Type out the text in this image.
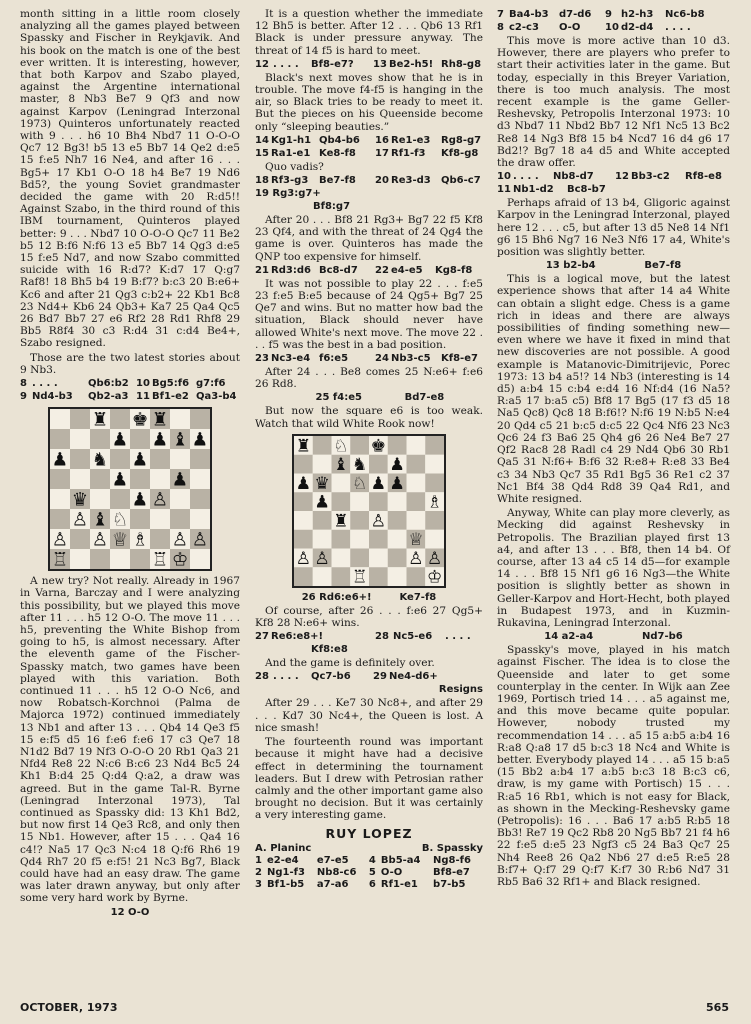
month sitting in a little room closely analyzing all the games played between Spassky and Fischer in Reykjavik. And his book on the match is one of the best ever written. It is interesting, however, that both Karpov and Szabo played, against the Argentine international master, 8 Nb3 Be7 9 Qf3 and now against Karpov (Leningrad Interzonal 1973) Quinteros unfortunately reacted with 9 . . . h6 10 Bh4 Nbd7 11 O-O-O Qc7 12 Bg3! b5 13 e5 Bb7 14 Qe2 d:e5 15 f:e5 Nh7 16 Ne4, and after 16 . . . Bg5+ 17 Kb1 O-O 18 h4 Be7 19 Nd6 Bd5?, the young Soviet grandmaster decided the game with 20 R:d5!! Against Szabo, in the third round of this IBM tournament, Quinteros played better: 9 . . . Nbd7 10 O-O-O Qc7 11 Be2 b5 12 B:f6 N:f6 13 e5 Bb7 14 Qg3 d:e5 15 f:e5 Nd7, and now Szabo committed suicide with 16 R:d7? K:d7 17 Q:g7 Raf8! 18 Bh5 b4 19 B:f7? b:c3 20 B:e6+ Kc6 and after 21 Qg3 c:b2+ 22 Kb1 Bc8 23 Nd4+ Kb6 24 Qb3+ Ka7 25 Qa4 Qc5 26 Bd7 Bb7 27 e6 Rf2 28 Rd1 Rhf8 29 Bb5 R8f4 30 c3 R:d4 31 c:d4 Be4+, Szabo resigned.

Those are the two latest stories about 9 Nb3.

8 . . . .	Qb6:b2 10 Bg5:f6 g7:f6
9 Nd4-b3 Qb2-a3 11 Bf1-e2 Qa3-b4
♜ ♜
♚
♟ ♟ ♟
♟ ♞ ♟
♟ ♟
♛ ♟
♝
♝
♙
♙
♙ ♙	♙ ♙
♘
♗
♔
♕
♖	♖

A new try? Not really. Already in 1967 in Varna, Barczay and I were analyzing this possibility, but we played this move after 11 . . . h5 12 O-O. The move 11 . . . h5, preventing the White Bishop from going to h5, is almost necessary. After the eleventh game of the Fischer-Spassky match, two games have been played with this variation. Both continued 11 . . . h5 12 O-O Nc6, and now Robatsch-Korchnoi (Palma de Majorca 1972) continued immediately 13 Nb1 and after 13 . . . Qb4 14 Qe3 f5 15 e:f5 d5 16 f:e6 f:e6 17 c3 Qe7 18 N1d2 Bd7 19 Nf3 O-O-O 20 Rb1 Qa3 21 Nfd4 Re8 22 N:c6 B:c6 23 Nd4 Bc5 24 Kh1 B:d4 25 Q:d4 Q:a2, a draw was agreed. But in the game Tal-R. Byrne (Leningrad Interzonal 1973), Tal continued as Spassky did: 13 Kh1 Bd2, but now first 14 Qe3 Rc8, and only then 15 Nb1. However, after 15 . . . Qa4 16 c4!? Na5 17 Qc3 N:c4 18 Q:f6 Rh6 19 Qd4 Rh7 20 f5 e:f5! 21 Nc3 Bg7, Black could have had an easy draw. The game was later drawn anyway, but only after some very hard work by Byrne.

12 O-O

It is a question whether the immediate 12 Bh5 is better. After 12 . . . Qb6 13 Rf1 Black is under pressure anyway. The threat of 14 f5 is hard to meet.

12 . . . . Bf8-e7? 13 Be2-h5! Rh8-g8

Black's next moves show that he is in trouble. The move f4-f5 is hanging in the air, so Black tries to be ready to meet it. But the pieces on his Queenside become only “sleeping beauties.”

14 Kg1-h1 Qb4-b6 16 Re1-e3 Rg8-g7
15 Ra1-e1 Ke8-f8 17 Rf1-f3 Kf8-g8

Quo vadis?

18 Rf3-g3 Be7-f8 20 Re3-d3 Qb6-c7
19 Rg3:g7+
Bf8:g7

After 20 . . . Bf8 21 Rg3+ Bg7 22 f5 Kf8 23 Qf4, and with the threat of 24 Qg4 the game is over. Quinteros has made the QNP too expensive for himself.

21 Rd3:d6 Bc8-d7 22 e4-e5 Kg8-f8

It was not possible to play 22 . . . f:e5 23 f:e5 B:e5 because of 24 Qg5+ Bg7 25 Qe7 and wins. But no matter how bad the situation, Black should never have allowed White's next move. The move 22 . . . f5 was the best in a bad position.

23 Nc3-e4 f6:e5	24 Nb3-c5 Kf8-e7

After 24 . . . Be8 comes 25 N:e6+ f:e6 26 Rd8.

25 f4:e5	Bd7-e8

But now the square e6 is too weak. Watch that wild White Rook now!

♜	♚
♞
♛
♝
♟	♟ ♟
♟
♟
♜
♘
♘
♙
♗
♙ ♙
♕
♙ ♙
♔
♖
26 Rd6:e6+!	Ke7-f8

Of course, after 26 . . . f:e6 27 Qg5+ Kf8 28 N:e6+ wins.

27 Re6:e8+!	28 Nc5-e6 . . . .
Kf8:e8

And the game is definitely over.

28 . . . . Qc7-b6 29 Ne4-d6+
Resigns

After 29 . . . Ke7 30 Nc8+, and after 29 . . . Kd7 30 Nc4+, the Queen is lost. A nice smash!

The fourteenth round was important because it might have had a decisive effect in determining the tournament leaders. But I drew with Petrosian rather calmly and the other important game also brought no decision. But it was certainly a very interesting game.

RUY LOPEZ
A. Planinc	B. Spassky
1	e2-e4	e7-e5	4	Bb5-a4	Ng8-f6
2	Ng1-f3	Nb8-c6	5	O-O	Bf8-e7
3	Bf1-b5	a7-a6	6	Rf1-e1	b7-b5
7 Ba4-b3 d7-d6 9 h2-h3 Nc6-b8
8 c2-c3 O-O 10 d2-d4 . . . .

This move is more active than 10 d3. However, there are players who prefer to start their activities later in the game. But today, especially in this Breyer Variation, there is too much analysis. The most recent example is the game Geller-Reshevsky, Petropolis Interzonal 1973: 10 d3 Nbd7 11 Nbd2 Bb7 12 Nf1 Nc5 13 Bc2 Re8 14 Ng3 Bf8 15 b4 Ncd7 16 d4 g6 17 Bd2!? Bg7 18 a4 d5 and White accepted the draw offer.

10 . . . . Nb8-d7 12 Bb3-c2 Rf8-e8
11 Nb1-d2 Bc8-b7

Perhaps afraid of 13 b4, Gligoric against Karpov in the Leningrad Interzonal, played here 12 . . . c5, but after 13 d5 Ne8 14 Nf1 g6 15 Bh6 Ng7 16 Ne3 Nf6 17 a4, White's position was slightly better.

13 b2-b4	Be7-f8

This is a logical move, but the latest experience shows that after 14 a4 White can obtain a slight edge. Chess is a game rich in ideas and there are always possibilities of finding something new—even where we have it fixed in mind that new discoveries are not possible. A good example is Matanovic-Dimitrijevic, Porec 1973: 13 b4 a5!? 14 Nb3 (interesting is 14 d5) a:b4 15 c:b4 e:d4 16 Nf:d4 (16 Na5? R:a5 17 b:a5 c5) Bf8 17 Bg5 (17 f3 d5 18 Na5 Qc8) Qc8 18 B:f6!? N:f6 19 N:b5 N:e4 20 Qd4 c5 21 b:c5 d:c5 22 Qc4 Nf6 23 Nc3 Qc6 24 f3 Ba6 25 Qh4 g6 26 Ne4 Be7 27 Qf2 Rac8 28 Radl c4 29 Nd4 Qb6 30 Rb1 Qa5 31 N:f6+ B:f6 32 R:e8+ R:e8 33 Be4 c3 34 Nb3 Qc7 35 Rd1 Bg5 36 Re1 c2 37 Nc1 Bf4 38 Qd4 Rd8 39 Qa4 Rd1, and White resigned.

Anyway, White can play more cleverly, as Mecking did against Reshevsky in Petropolis. The Brazilian played first 13 a4, and after 13 . . . Bf8, then 14 b4. Of course, after 13 a4 c5 14 d5—for example 14 . . . Bf8 15 Nf1 g6 16 Ng3—the White position is slightly better as shown in Geller-Karpov and Hort-Hecht, both played in Budapest 1973, and in Kuzmin-Rukavina, Leningrad Interzonal.

14 a2-a4	Nd7-b6

Spassky's move, played in his match against Fischer. The idea is to close the Queenside and later to get some counterplay in the center. In Wijk aan Zee 1969, Portisch tried 14 . . . a5 against me, and this move became quite popular. However, nobody trusted my recommendation 14 . . . a5 15 a:b5 a:b4 16 R:a8 Q:a8 17 d5 b:c3 18 Nc4 and White is better. Everybody played 14 . . . a5 15 b:a5 (15 Bb2 a:b4 17 a:b5 b:c3 18 B:c3 c6, draw, is my game with Portisch) 15 . . . R:a5 16 Rb1, which is not easy for Black, as shown in the Mecking-Reshevsky game (Petropolis): 16 . . . Ba6 17 a:b5 R:b5 18 Bb3! Re7 19 Qc2 Rb8 20 Ng5 Bb7 21 f4 h6 22 f:e5 d:e5 23 Ngf3 c5 24 Ba3 Qc7 25 Nh4 Ree8 26 Qa2 Nb6 27 d:e5 R:e5 28 B:f7+ Q:f7 29 Q:f7 K:f7 30 R:b6 Nd7 31 Rb5 Ba6 32 Rf1+ and Black resigned.

OCTOBER, 1973	565
